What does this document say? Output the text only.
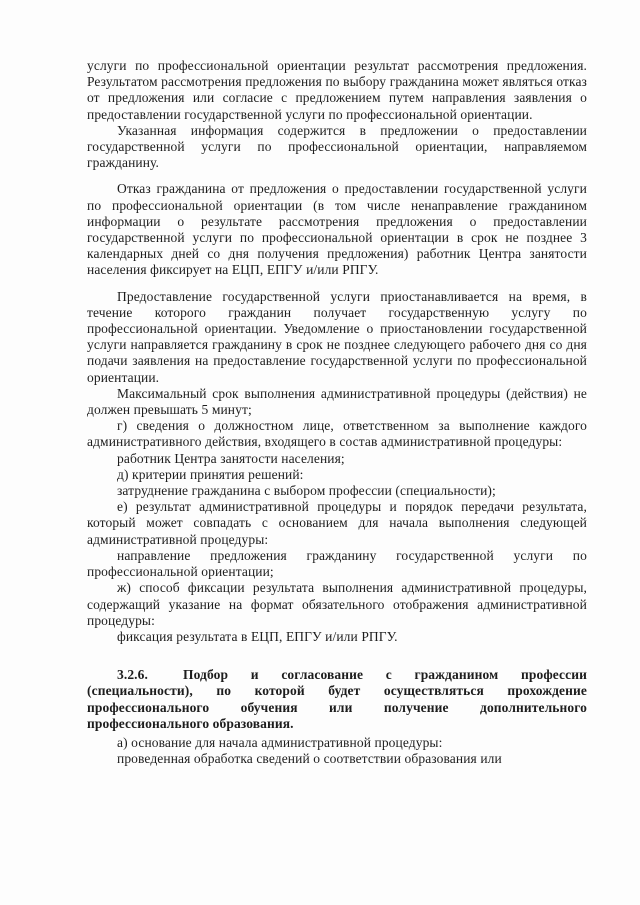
услуги по профессиональной ориентации результат рассмотрения предложения. Результатом рассмотрения предложения по выбору гражданина может являться отказ от предложения или согласие с предложением путем направления заявления о предоставлении государственной услуги по профессиональной ориентации.

Указанная информация содержится в предложении о предоставлении государственной услуги по профессиональной ориентации, направляемом гражданину.

Отказ гражданина от предложения о предоставлении государственной услуги по профессиональной ориентации (в том числе ненаправление гражданином информации о результате рассмотрения предложения о предоставлении государственной услуги по профессиональной ориентации в срок не позднее 3 календарных дней со дня получения предложения) работник Центра занятости населения фиксирует на ЕЦП, ЕПГУ и/или РПГУ.

Предоставление государственной услуги приостанавливается на время, в течение которого гражданин получает государственную услугу по профессиональной ориентации. Уведомление о приостановлении государственной услуги направляется гражданину в срок не позднее следующего рабочего дня со дня подачи заявления на предоставление государственной услуги по профессиональной ориентации.

Максимальный срок выполнения административной процедуры (действия) не должен превышать 5 минут;

г) сведения о должностном лице, ответственном за выполнение каждого административного действия, входящего в состав административной процедуры:

работник Центра занятости населения;

д) критерии принятия решений:

затруднение гражданина с выбором профессии (специальности);

е) результат административной процедуры и порядок передачи результата, который может совпадать с основанием для начала выполнения следующей административной процедуры:

направление предложения гражданину государственной услуги по профессиональной ориентации;

ж) способ фиксации результата выполнения административной процедуры, содержащий указание на формат обязательного отображения административной процедуры:

фиксация результата в ЕЦП, ЕПГУ и/или РПГУ.

3.2.6.	Подбор и согласование с гражданином профессии (специальности), по которой будет осуществляться прохождение профессионального обучения или получение дополнительного профессионального образования.

а) основание для начала административной процедуры:

проведенная обработка сведений о соответствии образования или
